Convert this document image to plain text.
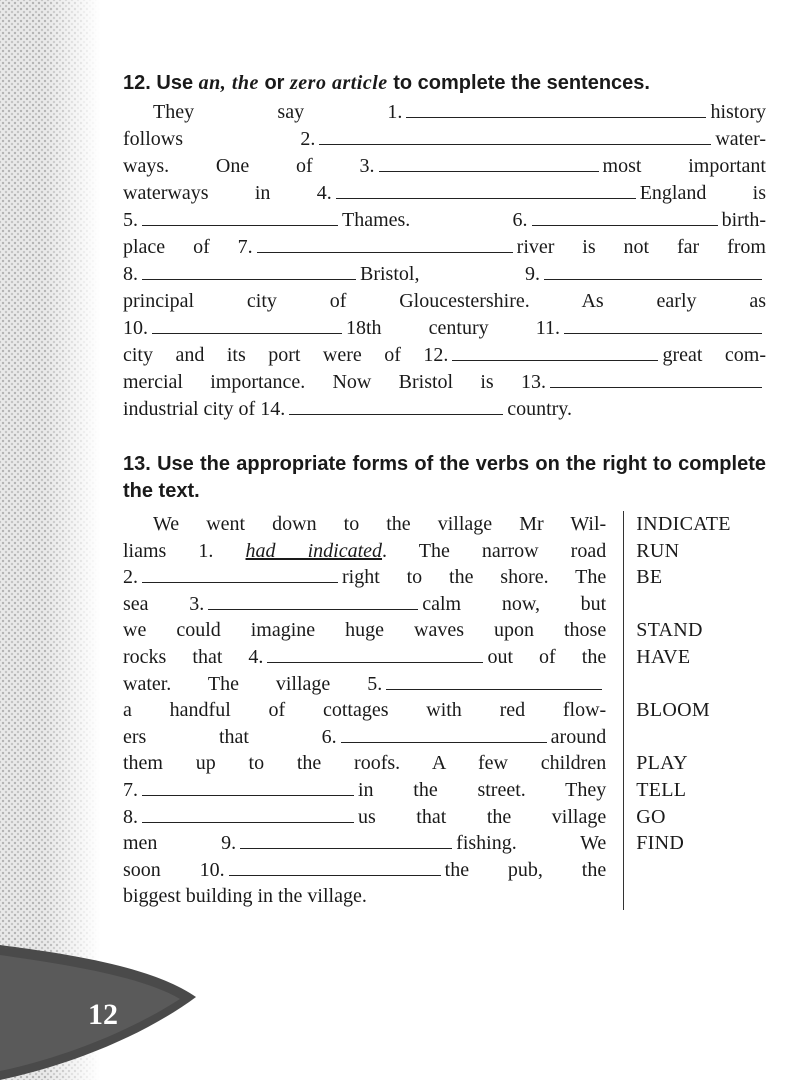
12. Use an, the or zero article to complete the sentences.

They say 1.	history
follows 2.	water-
ways. One of 3.	most important
waterways in 4.	England is
5.	Thames. 6.	birth-
place of 7.	river is not far from
8.	Bristol, 9.
principal city of Gloucestershire. As early as
10.	18th century 11.
city and its port were of 12.	great com-
mercial importance. Now Bristol is 13.
industrial city of 14.	country.

13. Use the appropriate forms of the verbs on the right to complete the text.

We went down to the village Mr Wil-
liams 1. had indicated. The narrow road
2.	right to the shore. The
sea 3.	calm now, but
we could imagine huge waves upon those
rocks that 4.	out of the
water. The village 5.
a handful of cottages with red flow-
ers that 6.	around
them up to the roofs. A few children
7.	in the street. They
8.	us that the village
men 9.	fishing. We
soon 10.	the pub, the
biggest building in the village.
INDICATE
RUN
BE
STAND
HAVE
BLOOM
PLAY
TELL
GO
FIND
12
